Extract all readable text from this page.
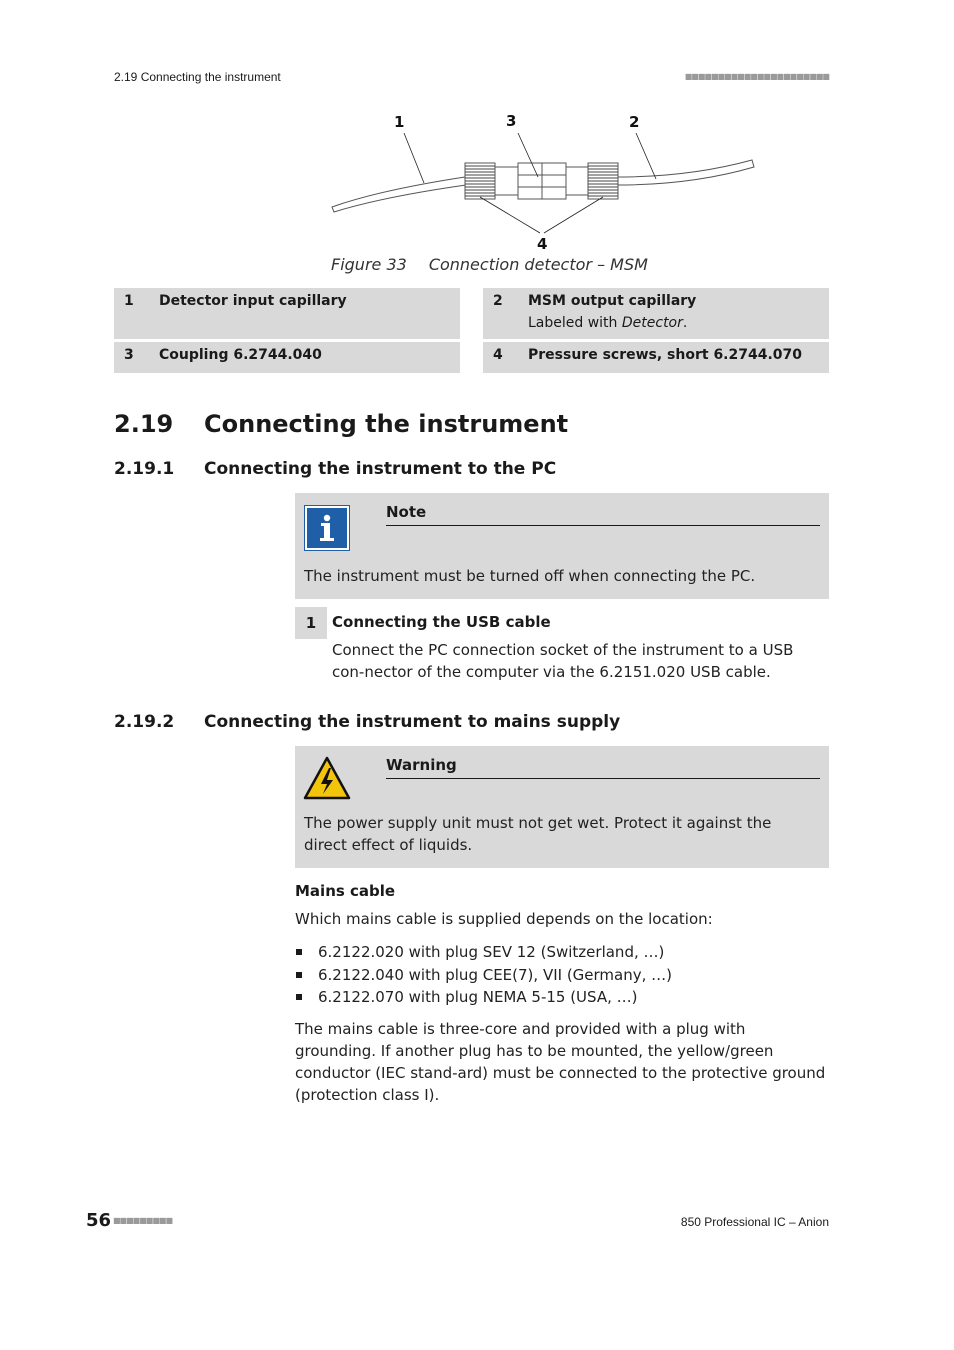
2.19 Connecting the instrument	■■■■■■■■■■■■■■■■■■■■■■
1	3	2
4
Figure 33 Connection detector – MSM
1 Detector input capillary	2 MSM output capillary
Labeled with Detector.
3 Coupling 6.2744.040	4 Pressure screws, short 6.2744.070
2.19 Connecting the instrument
2.19.1 Connecting the instrument to the PC
Note
The instrument must be turned off when connecting the PC.
1	Connecting the USB cable
Connect the PC connection socket of the instrument to a USB con-nector of the computer via the 6.2151.020 USB cable.
2.19.2 Connecting the instrument to mains supply
Warning
The power supply unit must not get wet. Protect it against the direct effect of liquids.
Mains cable
Which mains cable is supplied depends on the location:
6.2122.020 with plug SEV 12 (Switzerland, …)
6.2122.040 with plug CEE(7), VII (Germany, …)
6.2122.070 with plug NEMA 5-15 (USA, …)
The mains cable is three-core and provided with a plug with grounding. If another plug has to be mounted, the yellow/green conductor (IEC stand-ard) must be connected to the protective ground (protection class I).
56 ■■■■■■■■■	850 Professional IC – Anion
